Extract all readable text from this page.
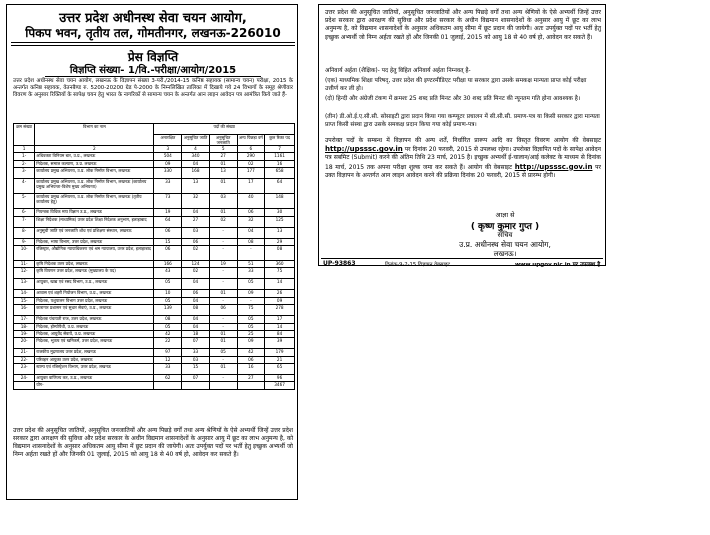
उत्तर प्रदेश अधीनस्थ सेवा चयन आयोग,
पिकप भवन, तृतीय तल, गोमतीनगर, लखनऊ-226010
प्रेस विज्ञप्ति
विज्ञप्ति संख्या- 1/वि.-परीक्षा/आयोग/2015
उत्तर प्रदेश अधीनस्थ सेवा चयन आयोग, लखनऊ के विज्ञापन संख्या 3-परी./2014-15 कनिष्ठ सहायक (सामान्य चयन) परीक्षा, 2015 के अन्तर्गत कनिष्ठ सहायक, वेतनबैण्ड रु. 5200-20200 ग्रेड पे-2000 के निम्नलिखित तालिका में दिखाये गये 24 विभागों के समूह श्रेणीवार विवरण के अनुसार रिक्तियों के सापेक्ष चयन हेतु भारत के नागरिकों से सामान्य चयन के अन्तर्गत आन लाइन आवेदन पत्र आमंत्रित किये जाते हैं-
क्रम संख्या	विभाग का नाम	पदों की संख्या				
		अनारक्षित	अनुसूचित जाति	अनुसूचित जनजाति	अन्य पिछड़ा वर्ग	कुल रिक्त पद
1	2	3	4	5	6	7
1-	अधिवक्ता विनियम बार, उ.प्र., लखनऊ	504	340	27	290	1161
2-	निदेशक, समाज कल्याण, उ.प्र. लखनऊ	09	04	01	02	16
3-	कार्यालय प्रमुख अभियन्ता, उ.प्र. लोक निर्माण विभाग, लखनऊ	330	168	13	177	658
4-	कार्यालय प्रमुख अभियन्ता, उ.प्र. लोक निर्माण विभाग, लखनऊ (कार्यालय प्रमुख अभियन्ता-विशेष मुख्य अभियन्ता)	33	13	01	17	64
5-	कार्यालय प्रमुख अभियन्ता, उ.प्र. लोक निर्माण विभाग, लखनऊ (तृतीय कार्यालय हेतु)	73	32	03	40	148
6-	नियन्त्रक विधिक माप विज्ञान उ.प्र., लखनऊ	19	04	01	06	30
7-	शिक्षा निदेशक (माध्यमिक) उत्तर प्रदेश शिक्षा निदेशक अनुभाग, इलाहाबाद	64	27	02	32	125
8-	अनुसूची जाति एवं जनजाति शोध एवं प्रशिक्षण संस्थान, लखनऊ	06	03	-	04	13
9-	निदेशक, भाषा विभाग, उत्तर प्रदेश, लखनऊ	15	06	-	08	29
10-	रजिस्ट्रार, औद्योगिक न्यायाधिकरण एवं श्रम न्यायालय, उत्तर प्रदेश, इलाहाबाद	06	02	-	-	08
11-	कृषि निदेशक उत्तर प्रदेश, लखनऊ	166	124	19	51	360
12-	कृषि विपणन उत्तर प्रदेश, लखनऊ (मुख्यालय के पद)	43	02	-	33	75
13-	आयुक्त, खाद्य एवं रसद विभाग, उ.प्र., लखनऊ	05	04	-	05	14
14-	आवास एवं शहरी नियोजन विभाग, उ.प्र., लखनऊ	10	06	01	09	26
15-	निदेशक, पशुपालन विभाग उत्तर प्रदेश, लखनऊ	05	04	-	-	09
16-	कारागार प्रशासन एवं सुधार सेवाएं, उ.प्र., लखनऊ	139	08	06	75	278
17-	निदेशक पंचायती राज, उत्तर प्रदेश, लखनऊ	08	04	-	05	17
18-	निदेशक, होम्योपैथी, उ.प्र. लखनऊ	05	04	-	05	14
19-	निदेशक, आयुर्वेद सेवायें, उ.प्र. लखनऊ	42	18	01	25	84
20-	निदेशक, भूतत्व एवं खनिकर्म, उत्तर प्रदेश, लखनऊ	22	07	01	09	39
21-	राजकीय मुद्रणालय उत्तर प्रदेश, लखनऊ	97	33	05	42	179
22-	परिवहन आयुक्त उत्तर प्रदेश, लखनऊ	12	03	-	06	21
23-	स्टाम्प एवं रजिस्ट्रेशन विभाग, उत्तर प्रदेश, लखनऊ	33	15	01	16	65
24-	आयुक्त वाणिज्य कर, उ.प्र., लखनऊ	62	07	-	27	96
	योग-					3467
उत्तर प्रदेश की अनुसूचित जातियों, अनुसूचित जनजातियों और अन्य पिछड़े वर्गों तथा अन्य श्रेणियों के ऐसे अभ्यर्थी जिन्हें उत्तर प्रदेश सरकार द्वारा आरक्षण की सुविधा और प्रदेश सरकार के अधीन विद्यमान शासनादेशों के अनुसार आयु में छूट का लाभ अनुमन्य है, को विद्यमान शासनादेशों के अनुसार अधिकतम आयु सीमा में छूट प्रदान की जायेगी। अतः उपर्युक्त पदों पर भर्ती हेतु इच्छुक अभ्यर्थी जो निम्न अर्हता रखते हों और जिनकी 01 जुलाई, 2015 को आयु 18 से 40 वर्ष हो, आवेदन कर सकते हैं।
उत्तर प्रदेश की अनुसूचित जातियों, अनुसूचित जनजातियों और अन्य पिछड़े वर्गों तथा अन्य श्रेणियों के ऐसे अभ्यर्थी जिन्हें उत्तर प्रदेश सरकार द्वारा आरक्षण की सुविधा और प्रदेश सरकार के अधीन विद्यमान शासनादेशों के अनुसार आयु में छूट का लाभ अनुमन्य है, को विद्यमान शासनादेशों के अनुसार अधिकतम आयु सीमा में छूट प्रदान की जायेगी। अतः उपर्युक्त पदों पर भर्ती हेतु इच्छुक अभ्यर्थी जो निम्न अर्हता रखते हों और जिनकी 01 जुलाई, 2015 को आयु 18 से 40 वर्ष हो, आवेदन कर सकते हैं।
अनिवार्य अर्हता (शैक्षिक)- पद हेतु विहित अनिवार्य अर्हता निम्नवत् है-
(एक) माध्यमिक शिक्षा परिषद्, उत्तर प्रदेश की इण्टरमीडिएट परीक्षा या सरकार द्वारा उसके समकक्ष मान्यता प्राप्त कोई परीक्षा उत्तीर्ण कर ली हो।
(दो) हिन्दी और अंग्रेजी टंकण में क्रमशः 25 शब्द प्रति मिनट और 30 शब्द प्रति मिनट की न्यूनतम गति होना आवश्यक है।
(तीन) डी.ओ.ई.ए.सी.सी. सोसाइटी द्वारा प्रदान किया गया कम्प्यूटर प्रचालन में सी.सी.सी. प्रमाण-पत्र या किसी सरकार द्वारा मान्यता प्राप्त किसी संस्था द्वारा उसके समकक्ष प्रदान किया गया कोई प्रमाण-पत्र।
उपरोक्त पदों के सम्बन्ध में विज्ञापन की अन्य शर्तें, निर्धारित प्रारूप आदि का विस्तृत विवरण आयोग की वेबसाइट http://upsssc.gov.in पर दिनांक 20 फरवरी, 2015 से उपलब्ध रहेगा। उपरोक्त विज्ञापित पदों के सापेक्ष आवेदन पत्र सबमिट (Submit) करने की अंतिम तिथि 23 मार्च, 2015 है। इच्छुक अभ्यर्थी ई-चालान/आई कलेक्ट के माध्यम से दिनांक 18 मार्च, 2015 तक अपना परीक्षा शुल्क जमा कर सकते हैं। आयोग की वेबसाइट http://upsssc.gov.in पर उक्त विज्ञापन के अन्तर्गत आन लाइन आवेदन करने की प्रक्रिया दिनांक 20 फरवरी, 2015 से प्रारम्भ होगी।
आज्ञा से
( कृष्ण कुमार गुप्त )
सचिव
उ.प्र. अधीनस्थ सेवा चयन आयोग,
लखनऊ।
UP-93863	दिनांक-9-2-15 विज्ञापन वेबसाइट	www.upgov.nic.in पर उपलब्ध है
